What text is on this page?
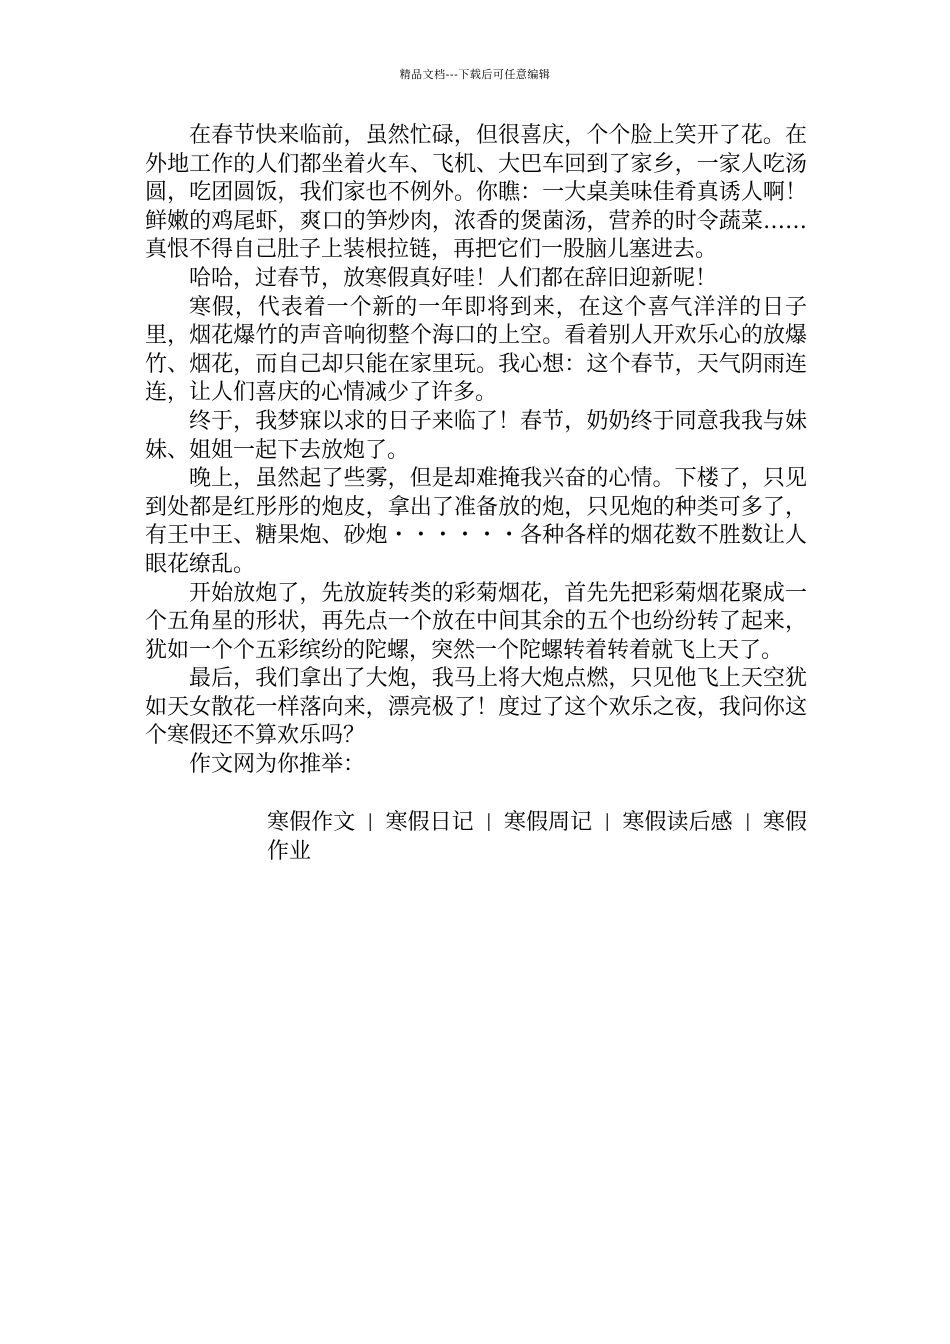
精品文档---下载后可任意编辑

在春节快来临前，虽然忙碌，但很喜庆，个个脸上笑开了花。在外地工作的人们都坐着火车、飞机、大巴车回到了家乡，一家人吃汤圆，吃团圆饭，我们家也不例外。你瞧：一大桌美味佳肴真诱人啊！鲜嫩的鸡尾虾，爽口的笋炒肉，浓香的煲菌汤，营养的时令蔬菜……真恨不得自己肚子上装根拉链，再把它们一股脑儿塞进去。

哈哈，过春节，放寒假真好哇！人们都在辞旧迎新呢！

寒假，代表着一个新的一年即将到来，在这个喜气洋洋的日子里，烟花爆竹的声音响彻整个海口的上空。看着别人开欢乐心的放爆竹、烟花，而自己却只能在家里玩。我心想：这个春节，天气阴雨连连，让人们喜庆的心情减少了许多。

终于，我梦寐以求的日子来临了！春节，奶奶终于同意我我与妹妹、姐姐一起下去放炮了。

晚上，虽然起了些雾，但是却难掩我兴奋的心情。下楼了，只见到处都是红彤彤的炮皮，拿出了准备放的炮，只见炮的种类可多了，有王中王、糖果炮、砂炮・・・・・・各种各样的烟花数不胜数让人眼花缭乱。

开始放炮了，先放旋转类的彩菊烟花，首先先把彩菊烟花聚成一个五角星的形状，再先点一个放在中间其余的五个也纷纷转了起来，犹如一个个五彩缤纷的陀螺，突然一个陀螺转着转着就飞上天了。

最后，我们拿出了大炮，我马上将大炮点燃，只见他飞上天空犹如天女散花一样落向来，漂亮极了！度过了这个欢乐之夜，我问你这个寒假还不算欢乐吗？

作文网为你推举：

寒假作文 | 寒假日记 | 寒假周记 | 寒假读后感 | 寒假作业
